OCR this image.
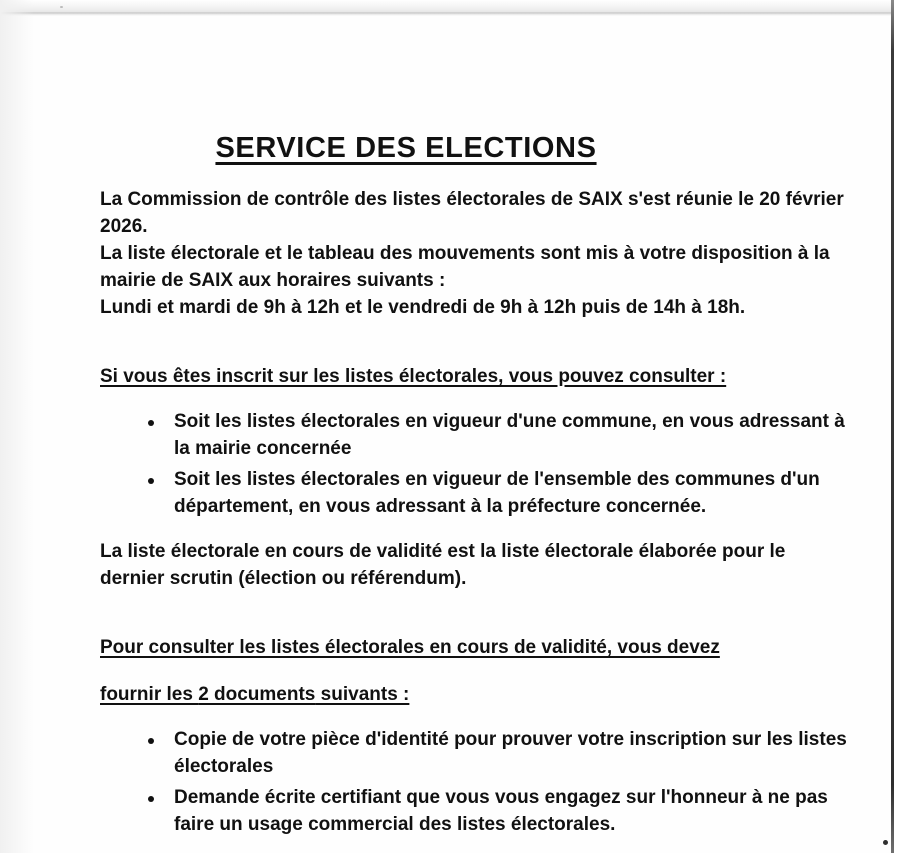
SERVICE DES ELECTIONS

La Commission de contrôle des listes électorales de SAIX s'est réunie le 20 février 2026.

La liste électorale et le tableau des mouvements sont mis à votre disposition à la mairie de SAIX aux horaires suivants :

Lundi et mardi de 9h à 12h et le vendredi de 9h à 12h puis de 14h à 18h.

Si vous êtes inscrit sur les listes électorales, vous pouvez consulter :

Soit les listes électorales en vigueur d'une commune, en vous adressant à la mairie concernée
Soit les listes électorales en vigueur de l'ensemble des communes d'un département, en vous adressant à la préfecture concernée.

La liste électorale en cours de validité est la liste électorale élaborée pour le dernier scrutin (élection ou référendum).

Pour consulter les listes électorales en cours de validité, vous devez

fournir les 2 documents suivants :

Copie de votre pièce d'identité pour prouver votre inscription sur les listes électorales
Demande écrite certifiant que vous vous engagez sur l'honneur à ne pas faire un usage commercial des listes électorales.
